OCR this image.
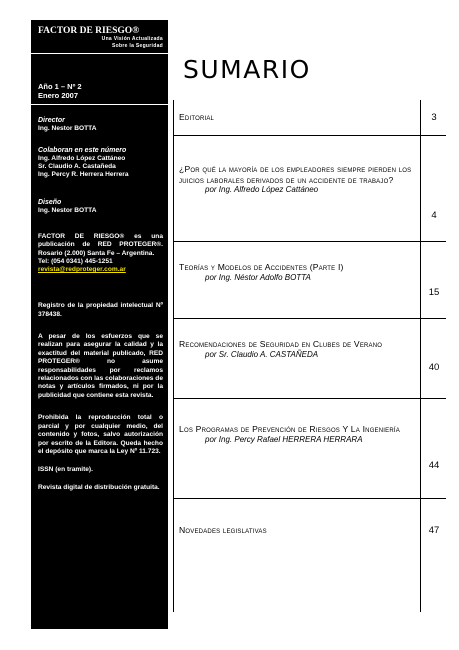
FACTOR DE RIESGO®
Una Visión Actualizada
Sobre la Seguridad
Año 1 – Nº 2
Enero 2007
Director
Ing. Nestor BOTTA
Colaboran en este número
Ing. Alfredo López Cattáneo
Sr. Claudio A. Castañeda
Ing. Percy R. Herrera Herrera
Diseño
Ing. Nestor BOTTA
FACTOR DE RIESGO® es una publicación de RED PROTEGER®. Rosario (2.000) Santa Fe – Argentina.
Tel: (054 0341) 445-1251
revista@redproteger.com.ar
Registro de la propiedad intelectual Nº 378438.
A pesar de los esfuerzos que se realizan para asegurar la calidad y la exactitud del material publicado, RED PROTEGER® no asume responsabilidades por reclamos relacionados con las colaboraciones de notas y artículos firmados, ni por la publicidad que contiene esta revista.
Prohibida la reproducción total o parcial y por cualquier medio, del contenido y fotos, salvo autorización por escrito de la Editora. Queda hecho el depósito que marca la Ley Nº 11.723.
ISSN (en tramite).
Revista digital de distribución gratuita.
SUMARIO
Editorial	3
¿Por qué la mayoría de los empleadores siempre pierden los juicios laborales derivados de un accidente de trabajo?
por Ing. Alfredo López Cattáneo
4
Teorías y Modelos de Accidentes (Parte I)
por Ing. Néstor Adolfo BOTTA
15
Recomendaciones de Seguridad en Clubes de Verano
por Sr. Claudio A. CASTAÑEDA
40
Los Programas de Prevención de Riesgos Y La Ingeniería
por Ing. Percy Rafael HERRERA HERRARA
44
Novedades legislativas	47
